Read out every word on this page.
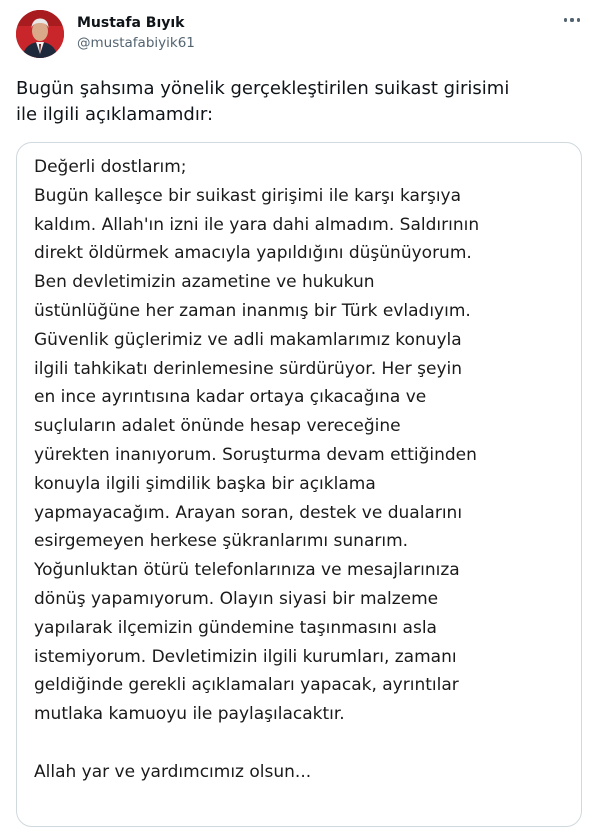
Mustafa Bıyık
@mustafabiyik61
Bugün şahsıma yönelik gerçekleştirilen suikast girisimi
ile ilgili açıklamamdır:
Değerli dostlarım;
Bugün kalleşce bir suikast girişimi ile karşı karşıya
kaldım. Allah'ın izni ile yara dahi almadım. Saldırının
direkt öldürmek amacıyla yapıldığını düşünüyorum.
Ben devletimizin azametine ve hukukun
üstünlüğüne her zaman inanmış bir Türk evladıyım.
Güvenlik güçlerimiz ve adli makamlarımız konuyla
ilgili tahkikatı derinlemesine sürdürüyor. Her şeyin
en ince ayrıntısına kadar ortaya çıkacağına ve
suçluların adalet önünde hesap vereceğine
yürekten inanıyorum. Soruşturma devam ettiğinden
konuyla ilgili şimdilik başka bir açıklama
yapmayacağım. Arayan soran, destek ve dualarını
esirgemeyen herkese şükranlarımı sunarım.
Yoğunluktan ötürü telefonlarınıza ve mesajlarınıza
dönüş yapamıyorum. Olayın siyasi bir malzeme
yapılarak ilçemizin gündemine taşınmasını asla
istemiyorum. Devletimizin ilgili kurumları, zamanı
geldiğinde gerekli açıklamaları yapacak, ayrıntılar
mutlaka kamuoyu ile paylaşılacaktır.
Allah yar ve yardımcımız olsun...
